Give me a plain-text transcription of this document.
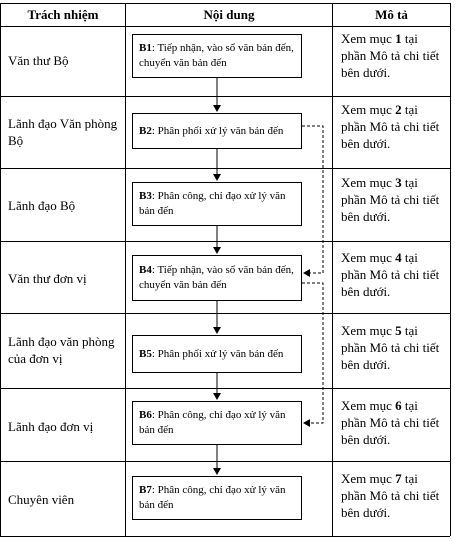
Trách nhiệm	Nội dung	Mô tả
Văn thư Bộ
Lãnh đạo Văn phòng Bộ
Lãnh đạo Bộ
Văn thư đơn vị
Lãnh đạo văn phòng của đơn vị
Lãnh đạo đơn vị
Chuyên viên
B1: Tiếp nhận, vào sổ văn bản đến, chuyển văn bản đến
B2: Phân phối xử lý văn bản đến
B3: Phân công, chỉ đạo xử lý văn bản đến
B4: Tiếp nhận, vào sổ văn bản đến, chuyển văn bản đến
B5: Phân phối xử lý văn bản đến
B6: Phân công, chỉ đạo xử lý văn bản đến
B7: Phân công, chỉ đạo xử lý văn bản đến
Xem mục 1 tại phần Mô tả chi tiết bên dưới.
Xem mục 2 tại phần Mô tả chi tiết bên dưới.
Xem mục 3 tại phần Mô tả chi tiết bên dưới.
Xem mục 4 tại phần Mô tả chi tiết bên dưới.
Xem mục 5 tại phần Mô tả chi tiết bên dưới.
Xem mục 6 tại phần Mô tả chi tiết bên dưới.
Xem mục 7 tại phần Mô tả chi tiết bên dưới.
